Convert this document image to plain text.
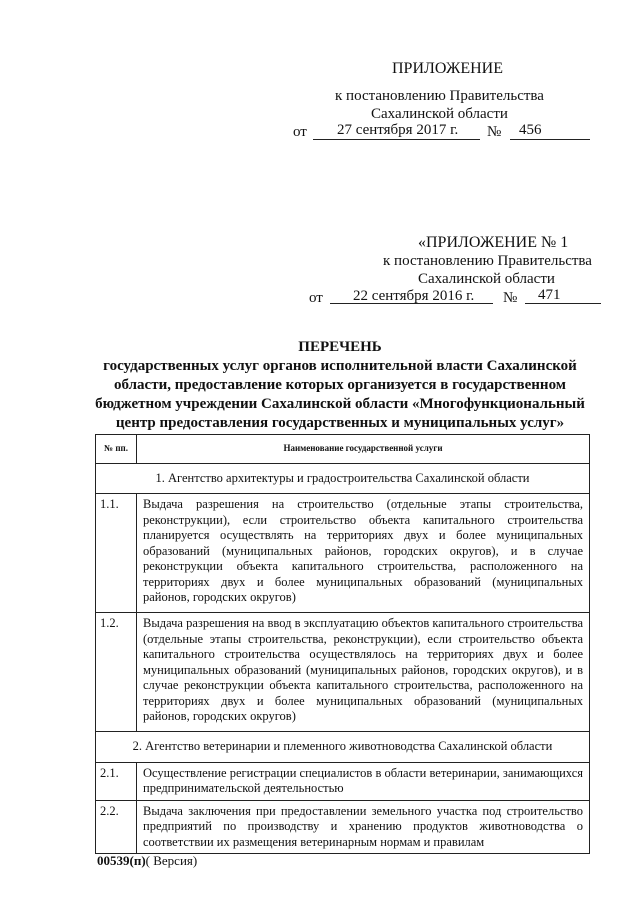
ПРИЛОЖЕНИЕ
к постановлению Правительства
Сахалинской области
от 27 сентября 2017 г. № 456
«ПРИЛОЖЕНИЕ № 1
к постановлению Правительства
Сахалинской области
от 22 сентября 2016 г. № 471
ПЕРЕЧЕНЬ
государственных услуг органов исполнительной власти Сахалинской
области, предоставление которых организуется в государственном
бюджетном учреждении Сахалинской области «Многофункциональный
центр предоставления государственных и муниципальных услуг»
№ пп.	Наименование государственной услуги
1. Агентство архитектуры и градостроительства Сахалинской области	
1.1.	Выдача разрешения на строительство (отдельные этапы строительства, реконструкции), если строительство объекта капитального строительства планируется осуществлять на территориях двух и более муниципальных образований (муниципальных районов, городских округов), и в случае реконструкции объекта капитального строительства, расположенного на территориях двух и более муниципальных образований (муниципальных районов, городских округов)
1.2.	Выдача разрешения на ввод в эксплуатацию объектов капитального строительства (отдельные этапы строительства, реконструкции), если строительство объекта капитального строительства осуществлялось на территориях двух и более муниципальных образований (муниципальных районов, городских округов), и в случае реконструкции объекта капитального строительства, расположенного на территориях двух и более муниципальных образований (муниципальных районов, городских округов)
2. Агентство ветеринарии и племенного животноводства Сахалинской области	
2.1.	Осуществление регистрации специалистов в области ветеринарии, занимающихся предпринимательской деятельностью
2.2.	Выдача заключения при предоставлении земельного участка под строительство предприятий по производству и хранению продуктов животноводства о соответствии их размещения ветеринарным нормам и правилам
00539(п)( Версия)
